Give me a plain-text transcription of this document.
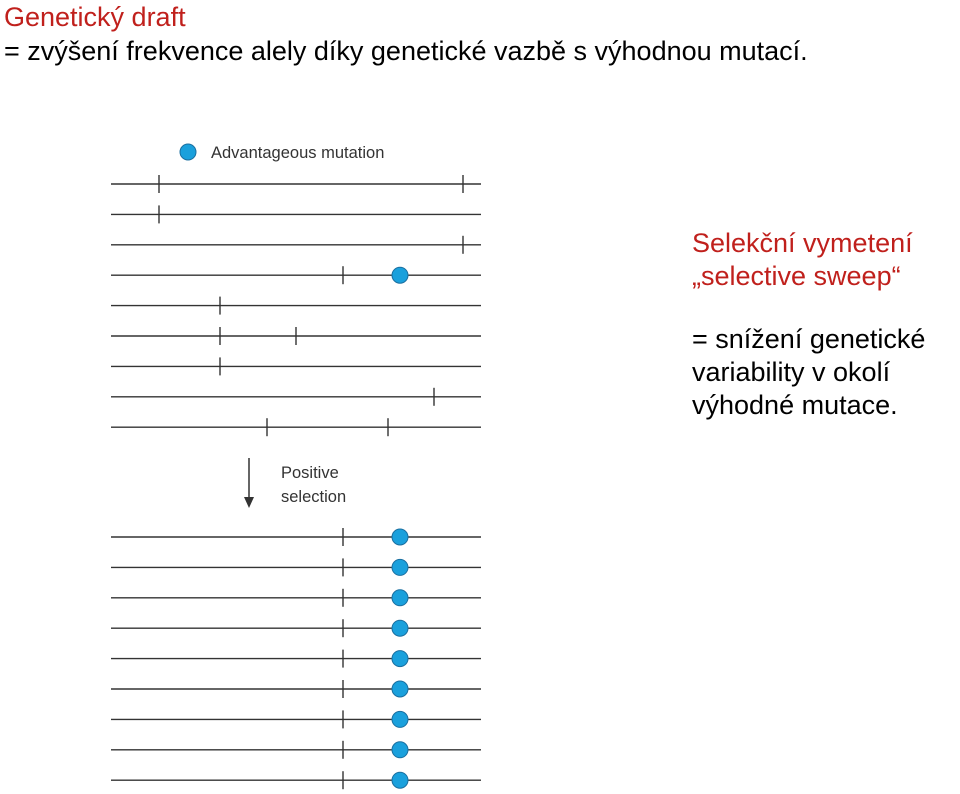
Genetický draft
= zvýšení frekvence alely díky genetické vazbě s výhodnou mutací.
Advantageous mutation
Positive
selection
Selekční vymetení
„selective sweep“
= snížení genetické
variability v okolí
výhodné mutace.
